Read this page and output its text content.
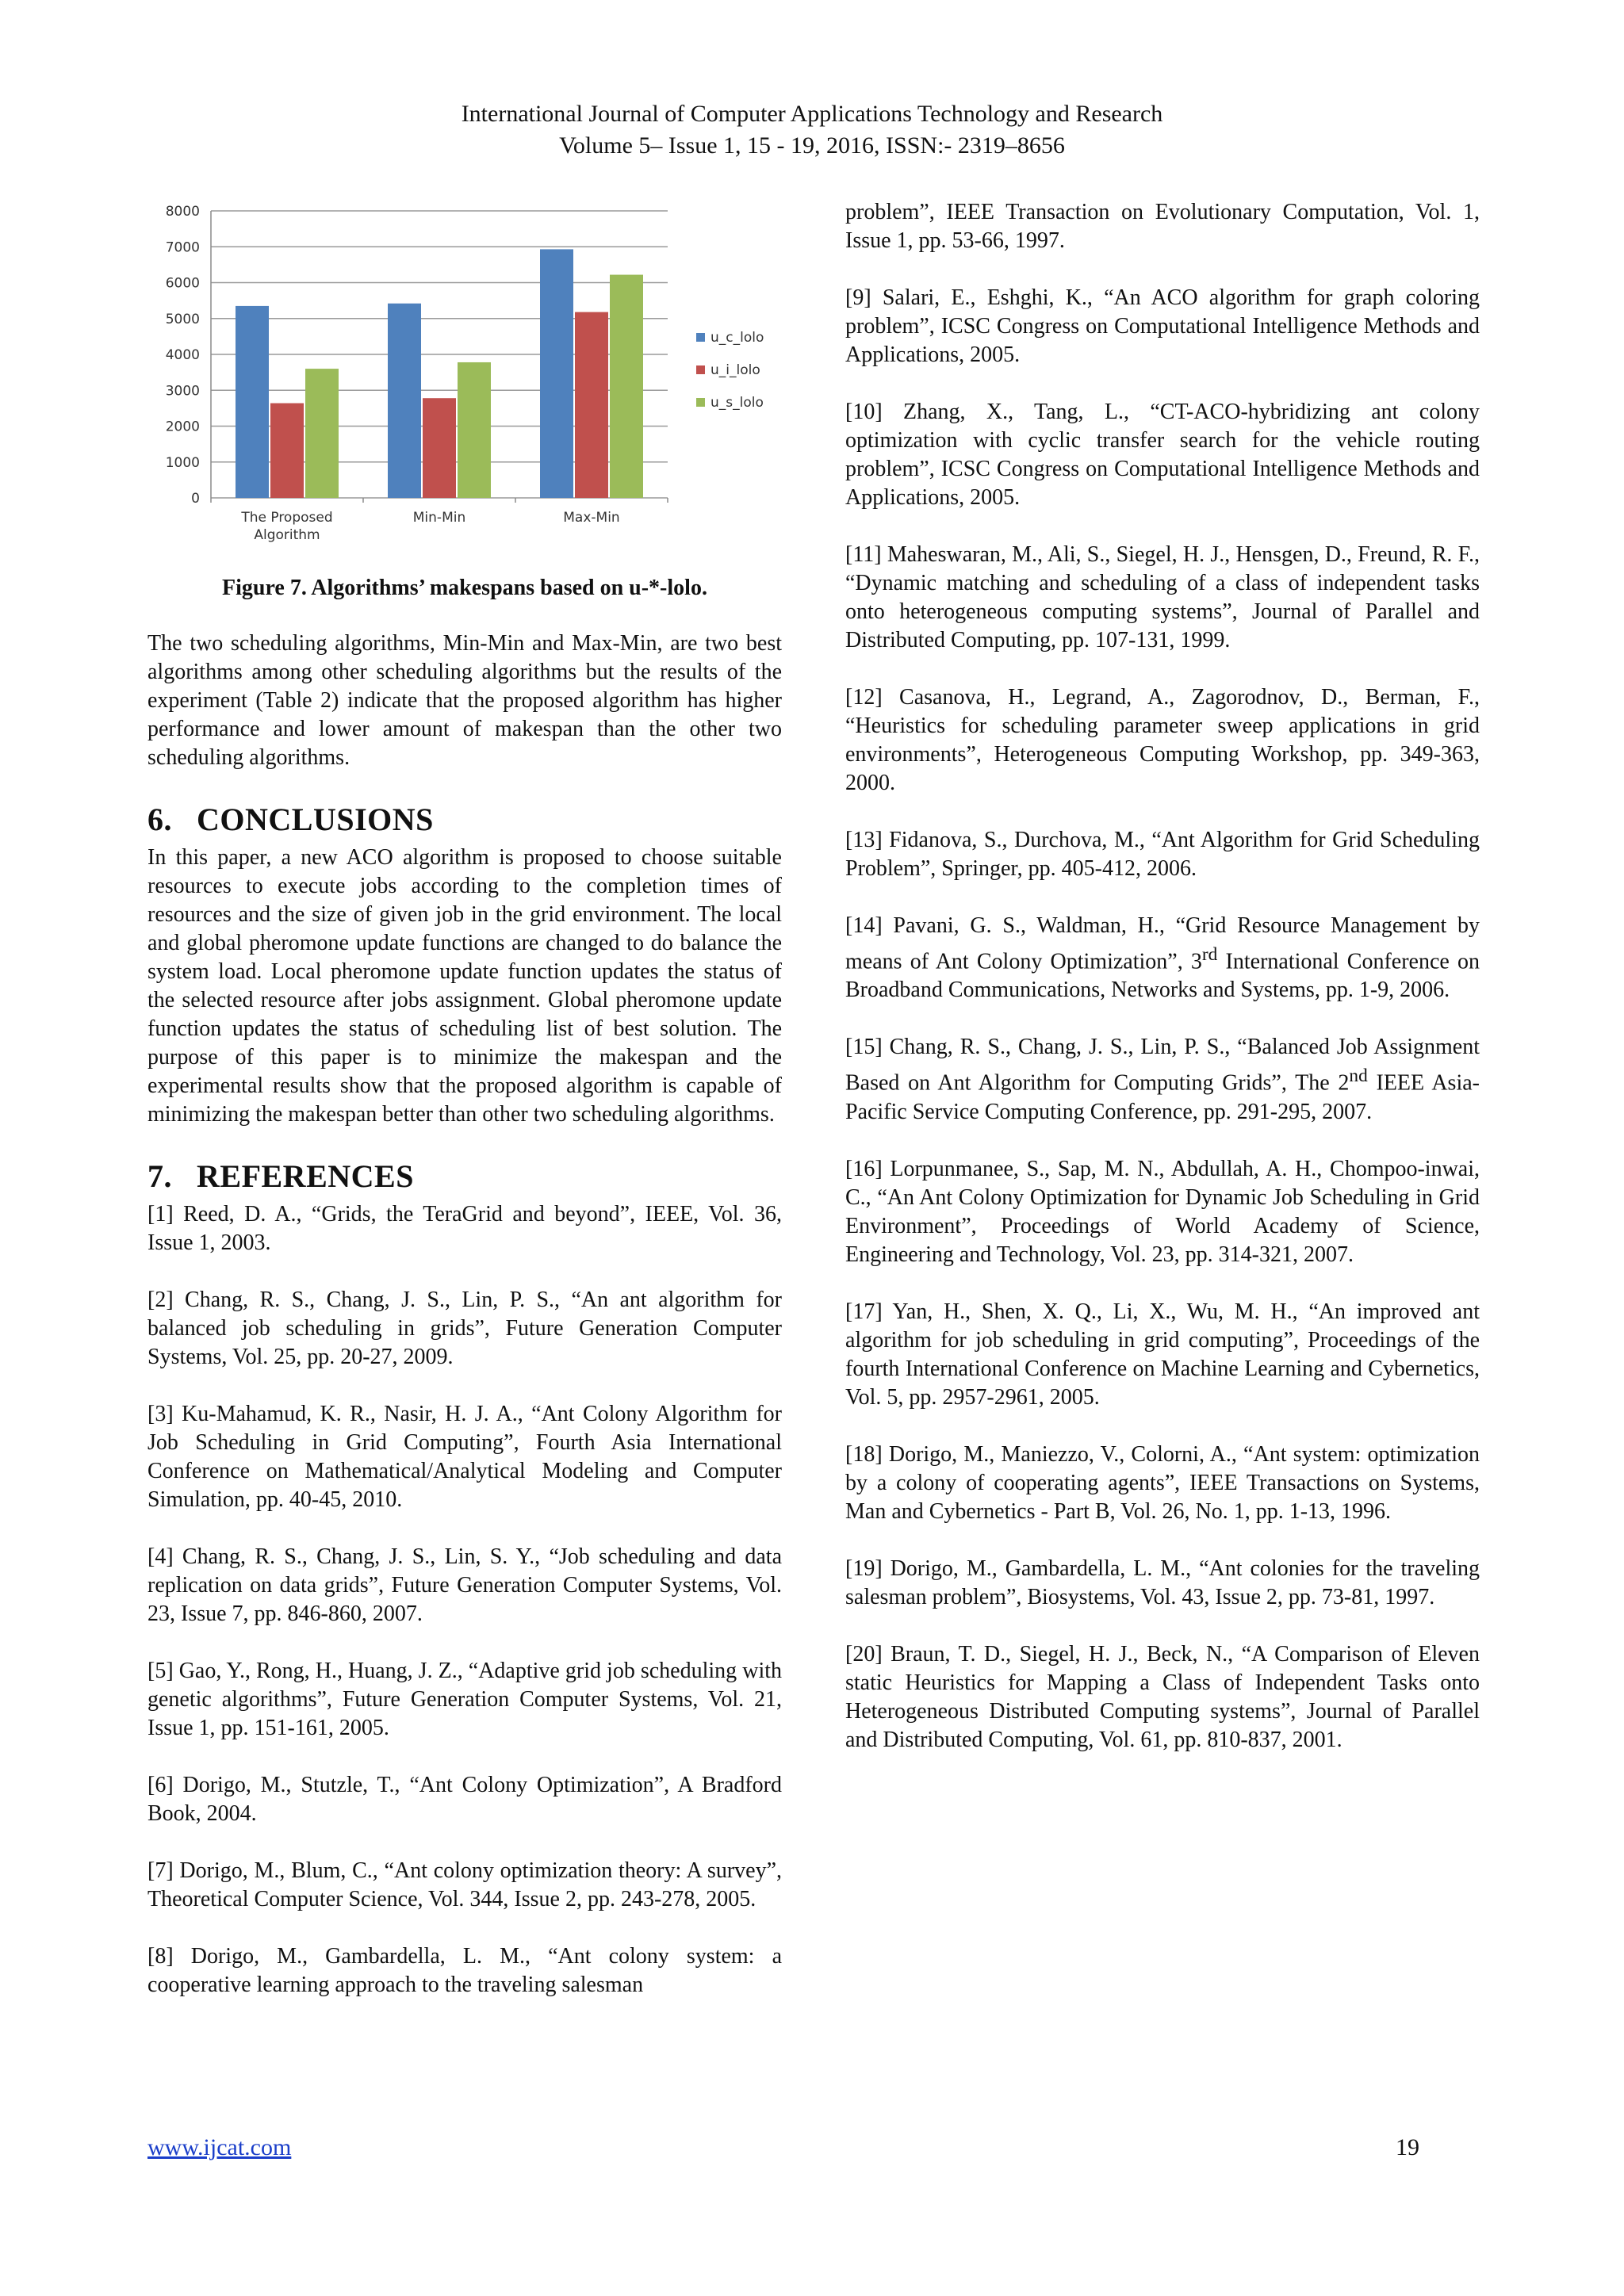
International Journal of Computer Applications Technology and Research
Volume 5– Issue 1, 15 - 19, 2016, ISSN:- 2319–8656
0
1000
2000
3000
4000
5000
6000
7000
8000
The Proposed
Algorithm
Min-Min	Max-Min
u_c_lolo
u_i_lolo
u_s_lolo
Figure 7. Algorithms’ makespans based on u-*-lolo.

The two scheduling algorithms, Min-Min and Max-Min, are two best algorithms among other scheduling algorithms but the results of the experiment (Table 2) indicate that the proposed algorithm has higher performance and lower amount of makespan than the other two scheduling algorithms.

6. CONCLUSIONS

In this paper, a new ACO algorithm is proposed to choose suitable resources to execute jobs according to the completion times of resources and the size of given job in the grid environment. The local and global pheromone update functions are changed to do balance the system load. Local pheromone update function updates the status of the selected resource after jobs assignment. Global pheromone update function updates the status of scheduling list of best solution. The purpose of this paper is to minimize the makespan and the experimental results show that the proposed algorithm is capable of minimizing the makespan better than other two scheduling algorithms.

7. REFERENCES
[1] Reed, D. A., “Grids, the TeraGrid and beyond”, IEEE, Vol. 36, Issue 1, 2003.
[2] Chang, R. S., Chang, J. S., Lin, P. S., “An ant algorithm for balanced job scheduling in grids”, Future Generation Computer Systems, Vol. 25, pp. 20-27, 2009.
[3] Ku-Mahamud, K. R., Nasir, H. J. A., “Ant Colony Algorithm for Job Scheduling in Grid Computing”, Fourth Asia International Conference on Mathematical/Analytical Modeling and Computer Simulation, pp. 40-45, 2010.
[4] Chang, R. S., Chang, J. S., Lin, S. Y., “Job scheduling and data replication on data grids”, Future Generation Computer Systems, Vol. 23, Issue 7, pp. 846-860, 2007.
[5] Gao, Y., Rong, H., Huang, J. Z., “Adaptive grid job scheduling with genetic algorithms”, Future Generation Computer Systems, Vol. 21, Issue 1, pp. 151-161, 2005.
[6] Dorigo, M., Stutzle, T., “Ant Colony Optimization”, A Bradford Book, 2004.
[7] Dorigo, M., Blum, C., “Ant colony optimization theory: A survey”, Theoretical Computer Science, Vol. 344, Issue 2, pp. 243-278, 2005.
[8] Dorigo, M., Gambardella, L. M., “Ant colony system: a cooperative learning approach to the traveling salesman
problem”, IEEE Transaction on Evolutionary Computation, Vol. 1, Issue 1, pp. 53-66, 1997.
[9] Salari, E., Eshghi, K., “An ACO algorithm for graph coloring problem”, ICSC Congress on Computational Intelligence Methods and Applications, 2005.
[10] Zhang, X., Tang, L., “CT-ACO-hybridizing ant colony optimization with cyclic transfer search for the vehicle routing problem”, ICSC Congress on Computational Intelligence Methods and Applications, 2005.
[11] Maheswaran, M., Ali, S., Siegel, H. J., Hensgen, D., Freund, R. F., “Dynamic matching and scheduling of a class of independent tasks onto heterogeneous computing systems”, Journal of Parallel and Distributed Computing, pp. 107-131, 1999.
[12] Casanova, H., Legrand, A., Zagorodnov, D., Berman, F., “Heuristics for scheduling parameter sweep applications in grid environments”, Heterogeneous Computing Workshop, pp. 349-363, 2000.
[13] Fidanova, S., Durchova, M., “Ant Algorithm for Grid Scheduling Problem”, Springer, pp. 405-412, 2006.
[14] Pavani, G. S., Waldman, H., “Grid Resource Management by means of Ant Colony Optimization”, 3rd International Conference on Broadband Communications, Networks and Systems, pp. 1-9, 2006.
[15] Chang, R. S., Chang, J. S., Lin, P. S., “Balanced Job Assignment Based on Ant Algorithm for Computing Grids”, The 2nd IEEE Asia-Pacific Service Computing Conference, pp. 291-295, 2007.
[16] Lorpunmanee, S., Sap, M. N., Abdullah, A. H., Chompoo-inwai, C., “An Ant Colony Optimization for Dynamic Job Scheduling in Grid Environment”, Proceedings of World Academy of Science, Engineering and Technology, Vol. 23, pp. 314-321, 2007.
[17] Yan, H., Shen, X. Q., Li, X., Wu, M. H., “An improved ant algorithm for job scheduling in grid computing”, Proceedings of the fourth International Conference on Machine Learning and Cybernetics, Vol. 5, pp. 2957-2961, 2005.
[18] Dorigo, M., Maniezzo, V., Colorni, A., “Ant system: optimization by a colony of cooperating agents”, IEEE Transactions on Systems, Man and Cybernetics - Part B, Vol. 26, No. 1, pp. 1-13, 1996.
[19] Dorigo, M., Gambardella, L. M., “Ant colonies for the traveling salesman problem”, Biosystems, Vol. 43, Issue 2, pp. 73-81, 1997.
[20] Braun, T. D., Siegel, H. J., Beck, N., “A Comparison of Eleven static Heuristics for Mapping a Class of Independent Tasks onto Heterogeneous Distributed Computing systems”, Journal of Parallel and Distributed Computing, Vol. 61, pp. 810-837, 2001.
www.ijcat.com	19
